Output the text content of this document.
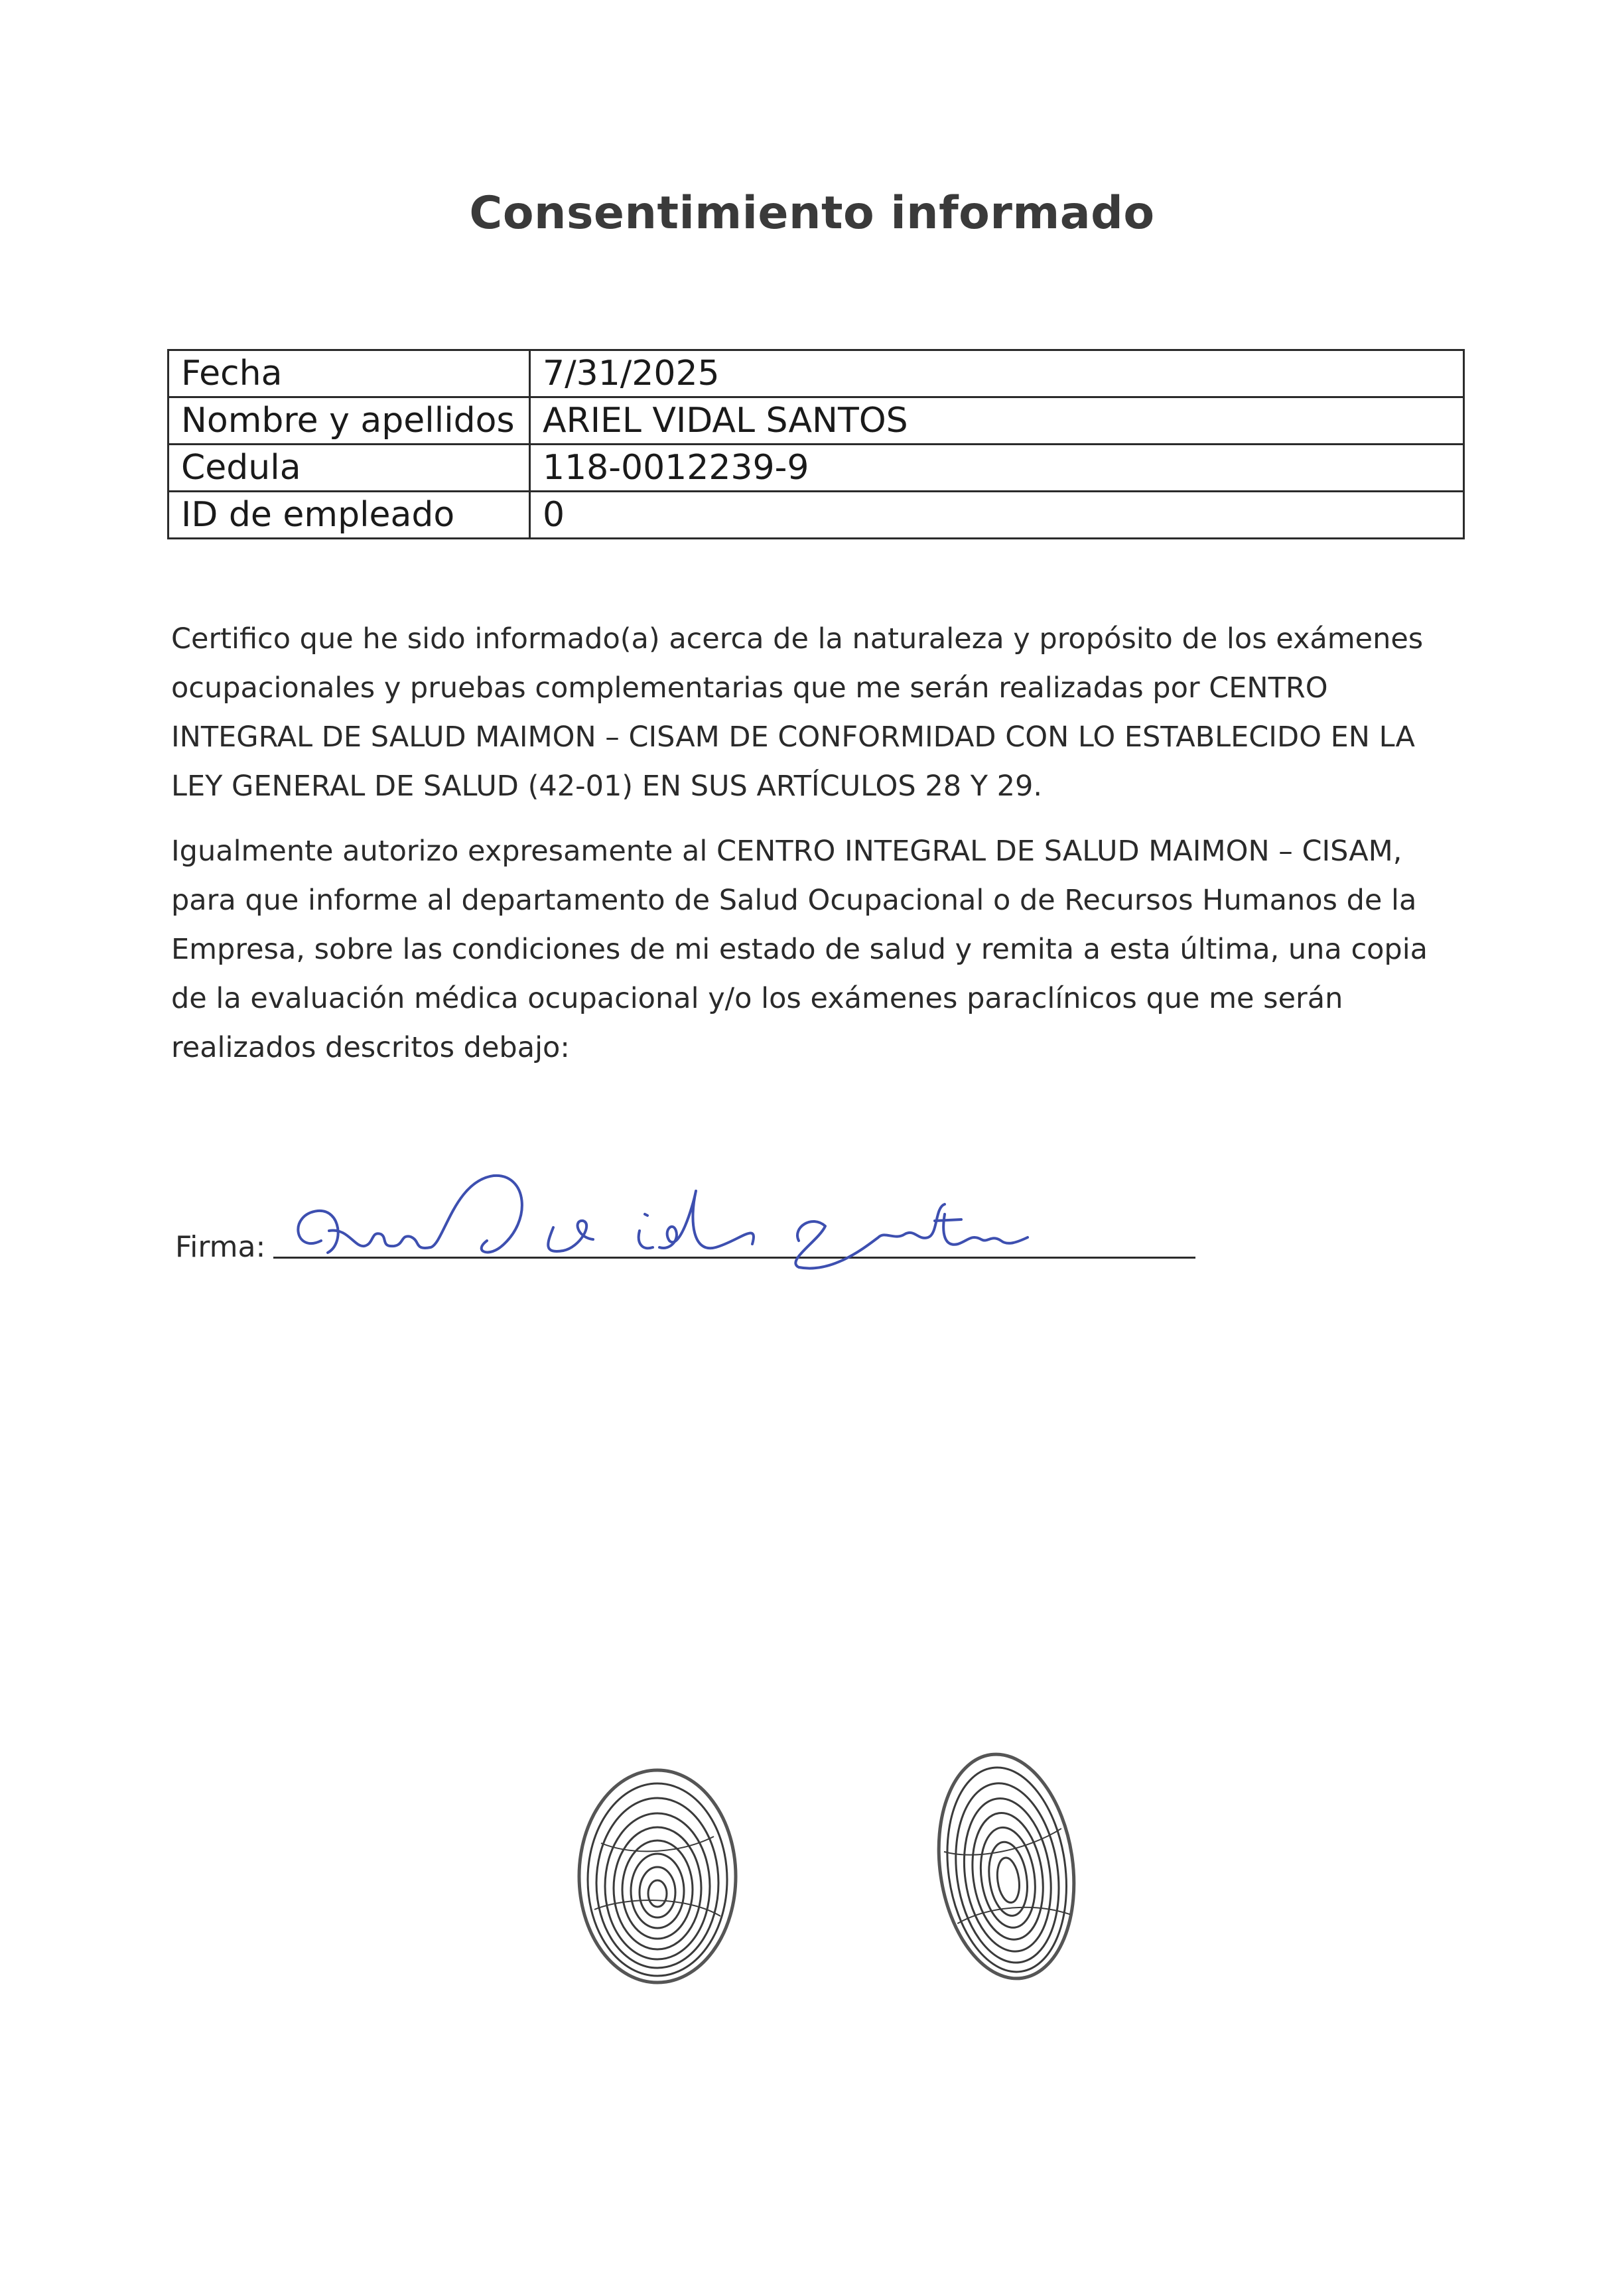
Consentimiento informado
Fecha	7/31/2025
Nombre y apellidos	ARIEL VIDAL SANTOS
Cedula	118-0012239-9
ID de empleado	0

Certifico que he sido informado(a) acerca de la naturaleza y propósito de los exámenes ocupacionales y pruebas complementarias que me serán realizadas por CENTRO INTEGRAL DE SALUD MAIMON – CISAM DE CONFORMIDAD CON LO ESTABLECIDO EN LA LEY GENERAL DE SALUD (42-01) EN SUS ARTÍCULOS 28 Y 29.

Igualmente autorizo expresamente al CENTRO INTEGRAL DE SALUD MAIMON – CISAM, para que informe al departamento de Salud Ocupacional o de Recursos Humanos de la Empresa, sobre las condiciones de mi estado de salud y remita a esta última, una copia de la evaluación médica ocupacional y/o los exámenes paraclínicos que me serán realizados descritos debajo:

Firma:
